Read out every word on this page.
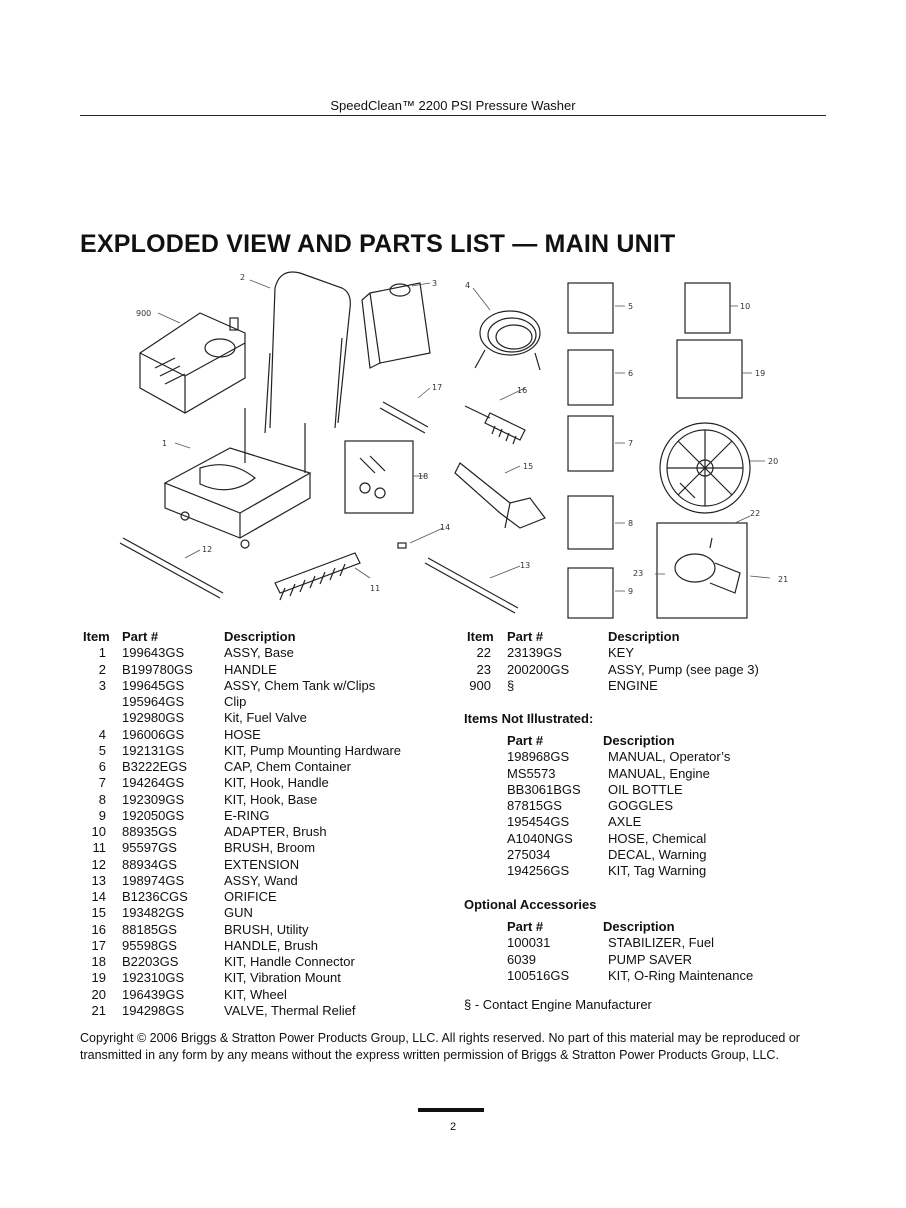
SpeedClean™ 2200 PSI Pressure Washer
EXPLODED VIEW AND PARTS LIST — MAIN UNIT
900
2
3	4
5	10
6	19
17	16
7
1
18
20
15
22
8
14
12
13
23
21
9
11
Item Part #	Description
1 199643GS	ASSY, Base
2 B199780GS HANDLE
3 199645GS	ASSY, Chem Tank w/Clips
195964GS	Clip
192980GS	Kit, Fuel Valve
4 196006GS	HOSE
5 192131GS	KIT, Pump Mounting Hardware
6 B3222EGS	CAP, Chem Container
7 194264GS	KIT, Hook, Handle
8 192309GS	KIT, Hook, Base
9 192050GS	E-RING
10 88935GS	ADAPTER, Brush
11 95597GS	BRUSH, Broom
12 88934GS	EXTENSION
13 198974GS	ASSY, Wand
14 B1236CGS	ORIFICE
15 193482GS	GUN
16 88185GS	BRUSH, Utility
17 95598GS	HANDLE, Brush
18 B2203GS	KIT, Handle Connector
19 192310GS	KIT, Vibration Mount
20 196439GS	KIT, Wheel
21 194298GS	VALVE, Thermal Relief
Item Part #	Description
22 23139GS	KEY
23 200200GS	ASSY, Pump (see page 3)
900 §	ENGINE
Items Not Illustrated:
Part #	Description
198968GS	MANUAL, Operator’s
MS5573	MANUAL, Engine
BB3061BGS OIL BOTTLE
87815GS	GOGGLES
195454GS	AXLE
A1040NGS	HOSE, Chemical
275034	DECAL, Warning
194256GS	KIT, Tag Warning
Optional Accessories
Part #	Description
100031	STABILIZER, Fuel
6039	PUMP SAVER
100516GS	KIT, O-Ring Maintenance
§ - Contact Engine Manufacturer
Copyright © 2006 Briggs & Stratton Power Products Group, LLC. All rights reserved. No part of this material may be reproduced or transmitted in any form by any means without the express written permission of Briggs & Stratton Power Products Group, LLC.
2
